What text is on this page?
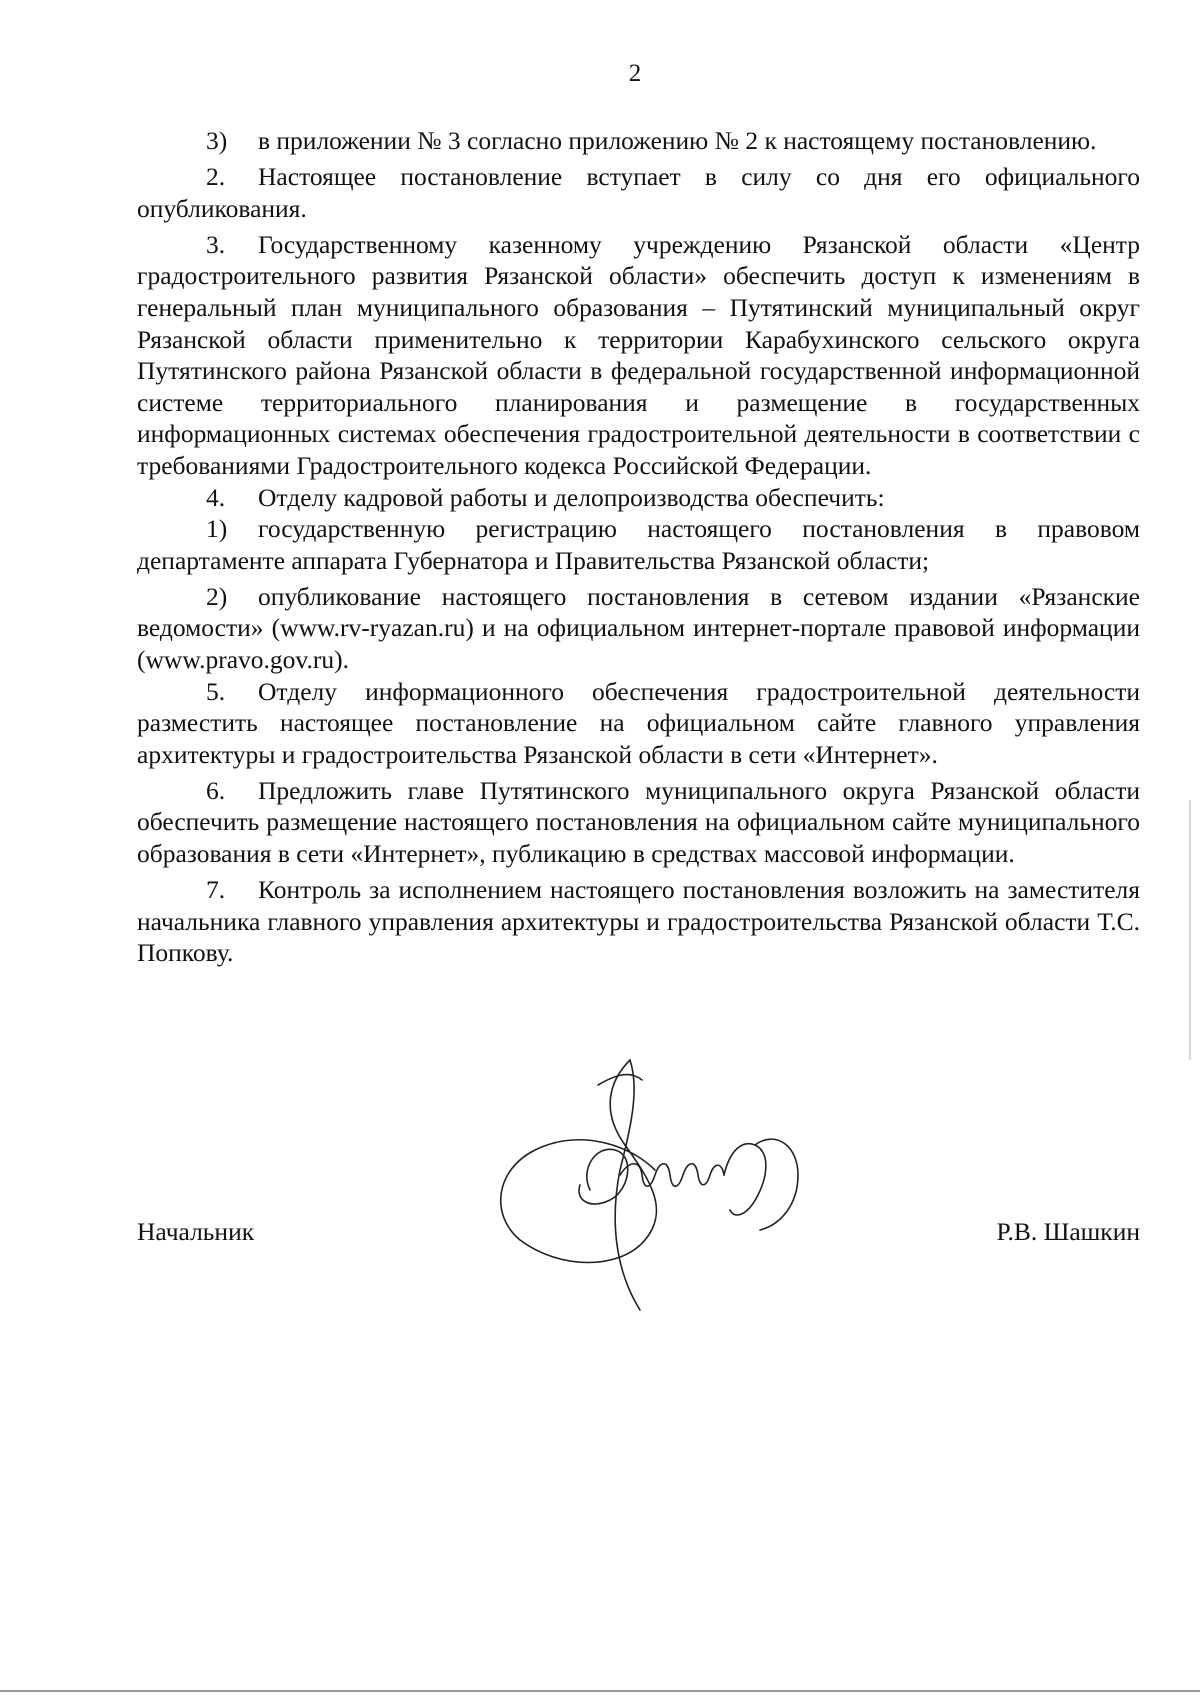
2

3) в приложении № 3 согласно приложению № 2 к настоящему постановлению.

2. Настоящее постановление вступает в силу со дня его официального опубликования.

3. Государственному казенному учреждению Рязанской области «Центр градостроительного развития Рязанской области» обеспечить доступ к изменениям в генеральный план муниципального образования – Путятинский муниципальный округ Рязанской области применительно к территории Карабухинского сельского округа Путятинского района Рязанской области в федеральной государственной информационной системе территориального планирования и размещение в государственных информационных системах обеспечения градостроительной деятельности в соответствии с требованиями Градостроительного кодекса Российской Федерации.

4. Отделу кадровой работы и делопроизводства обеспечить:

1) государственную регистрацию настоящего постановления в правовом департаменте аппарата Губернатора и Правительства Рязанской области;

2) опубликование настоящего постановления в сетевом издании «Рязанские ведомости» (www.rv-ryazan.ru) и на официальном интернет-портале правовой информации (www.pravo.gov.ru).

5. Отделу информационного обеспечения градостроительной деятельности разместить настоящее постановление на официальном сайте главного управления архитектуры и градостроительства Рязанской области в сети «Интернет».

6. Предложить главе Путятинского муниципального округа Рязанской области обеспечить размещение настоящего постановления на официальном сайте муниципального образования в сети «Интернет», публикацию в средствах массовой информации.

7. Контроль за исполнением настоящего постановления возложить на заместителя начальника главного управления архитектуры и градостроительства Рязанской области Т.С. Попкову.

Начальник	Р.В. Шашкин
